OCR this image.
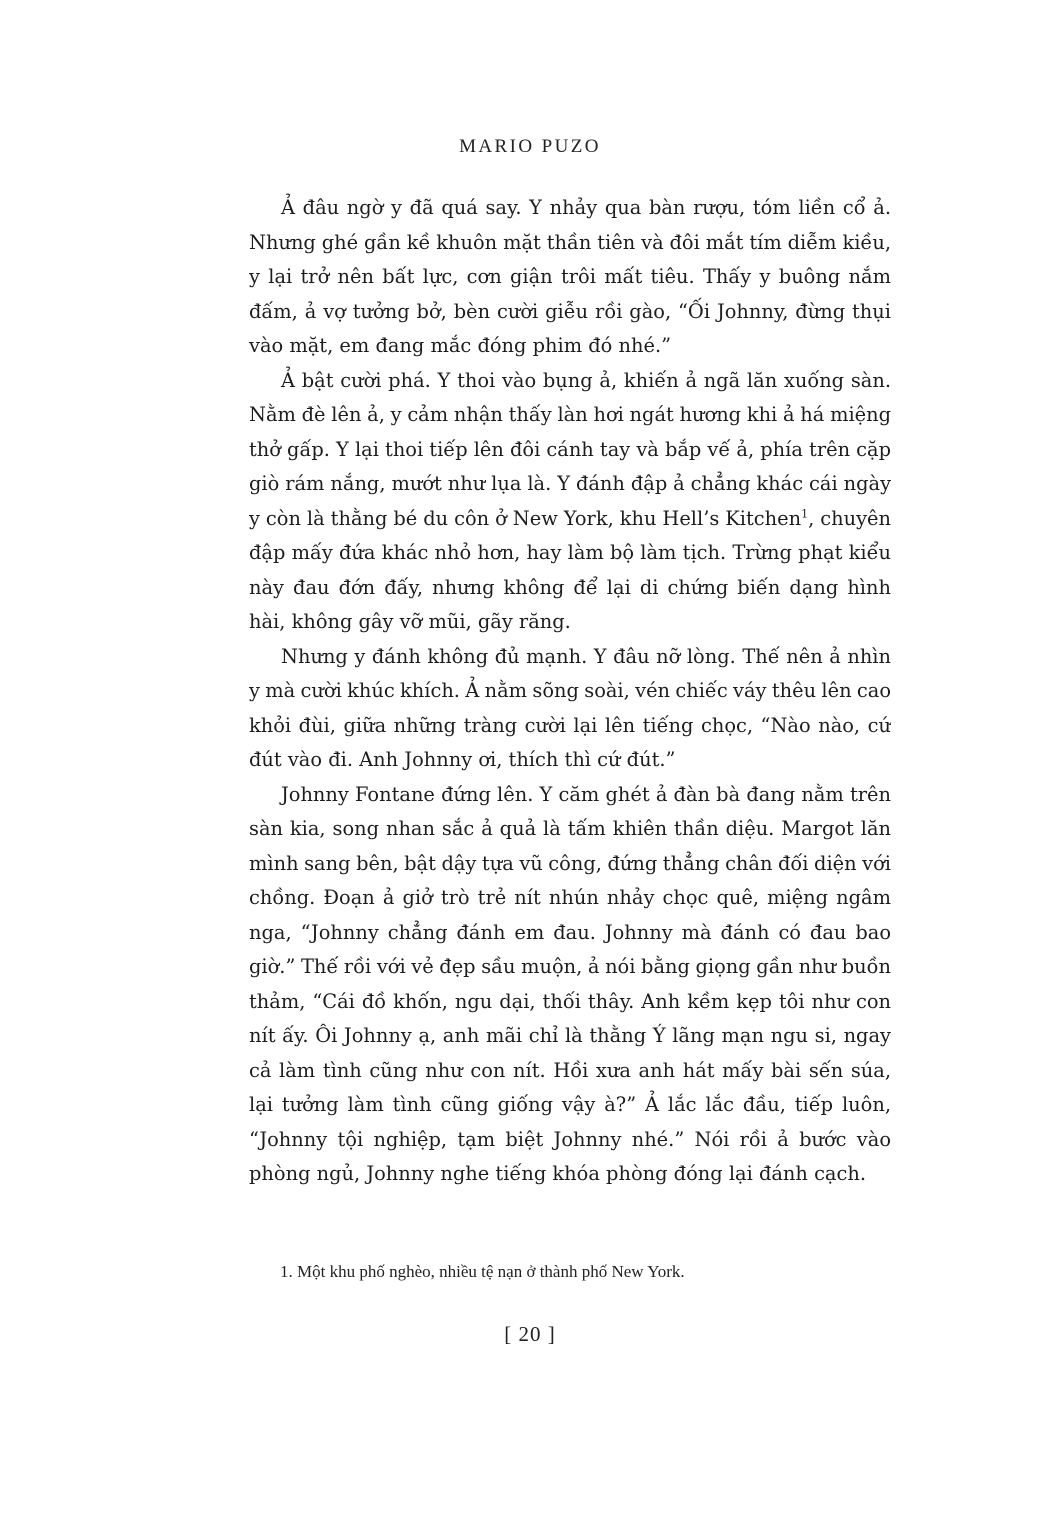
MARIO PUZO
Ả đâu ngờ y đã quá say. Y nhảy qua bàn rượu, tóm liền cổ ả.
Nhưng ghé gần kề khuôn mặt thần tiên và đôi mắt tím diễm kiều,
y lại trở nên bất lực, cơn giận trôi mất tiêu. Thấy y buông nắm
đấm, ả vợ tưởng bở, bèn cười giễu rồi gào, “Ối Johnny, đừng thụi
vào mặt, em đang mắc đóng phim đó nhé.”
Ả bật cười phá. Y thoi vào bụng ả, khiến ả ngã lăn xuống sàn.
Nằm đè lên ả, y cảm nhận thấy làn hơi ngát hương khi ả há miệng
thở gấp. Y lại thoi tiếp lên đôi cánh tay và bắp vế ả, phía trên cặp
giò rám nắng, mướt như lụa là. Y đánh đập ả chẳng khác cái ngày
y còn là thằng bé du côn ở New York, khu Hell’s Kitchen$^1$, chuyên
đập mấy đứa khác nhỏ hơn, hay làm bộ làm tịch. Trừng phạt kiểu
này đau đớn đấy, nhưng không để lại di chứng biến dạng hình
hài, không gây vỡ mũi, gãy răng.
Nhưng y đánh không đủ mạnh. Y đâu nỡ lòng. Thế nên ả nhìn
y mà cười khúc khích. Ả nằm sõng soài, vén chiếc váy thêu lên cao
khỏi đùi, giữa những tràng cười lại lên tiếng chọc, “Nào nào, cứ
đút vào đi. Anh Johnny ơi, thích thì cứ đút.”
Johnny Fontane đứng lên. Y căm ghét ả đàn bà đang nằm trên
sàn kia, song nhan sắc ả quả là tấm khiên thần diệu. Margot lăn
mình sang bên, bật dậy tựa vũ công, đứng thẳng chân đối diện với
chồng. Đoạn ả giở trò trẻ nít nhún nhảy chọc quê, miệng ngâm
nga, “Johnny chẳng đánh em đau. Johnny mà đánh có đau bao
giờ.” Thế rồi với vẻ đẹp sầu muộn, ả nói bằng giọng gần như buồn
thảm, “Cái đồ khốn, ngu dại, thối thây. Anh kềm kẹp tôi như con
nít ấy. Ôi Johnny ạ, anh mãi chỉ là thằng Ý lãng mạn ngu si, ngay
cả làm tình cũng như con nít. Hồi xưa anh hát mấy bài sến súa,
lại tưởng làm tình cũng giống vậy à?” Ả lắc lắc đầu, tiếp luôn,
“Johnny tội nghiệp, tạm biệt Johnny nhé.” Nói rồi ả bước vào
phòng ngủ, Johnny nghe tiếng khóa phòng đóng lại đánh cạch.
1. Một khu phố nghèo, nhiều tệ nạn ở thành phố New York.
[ 20 ]
